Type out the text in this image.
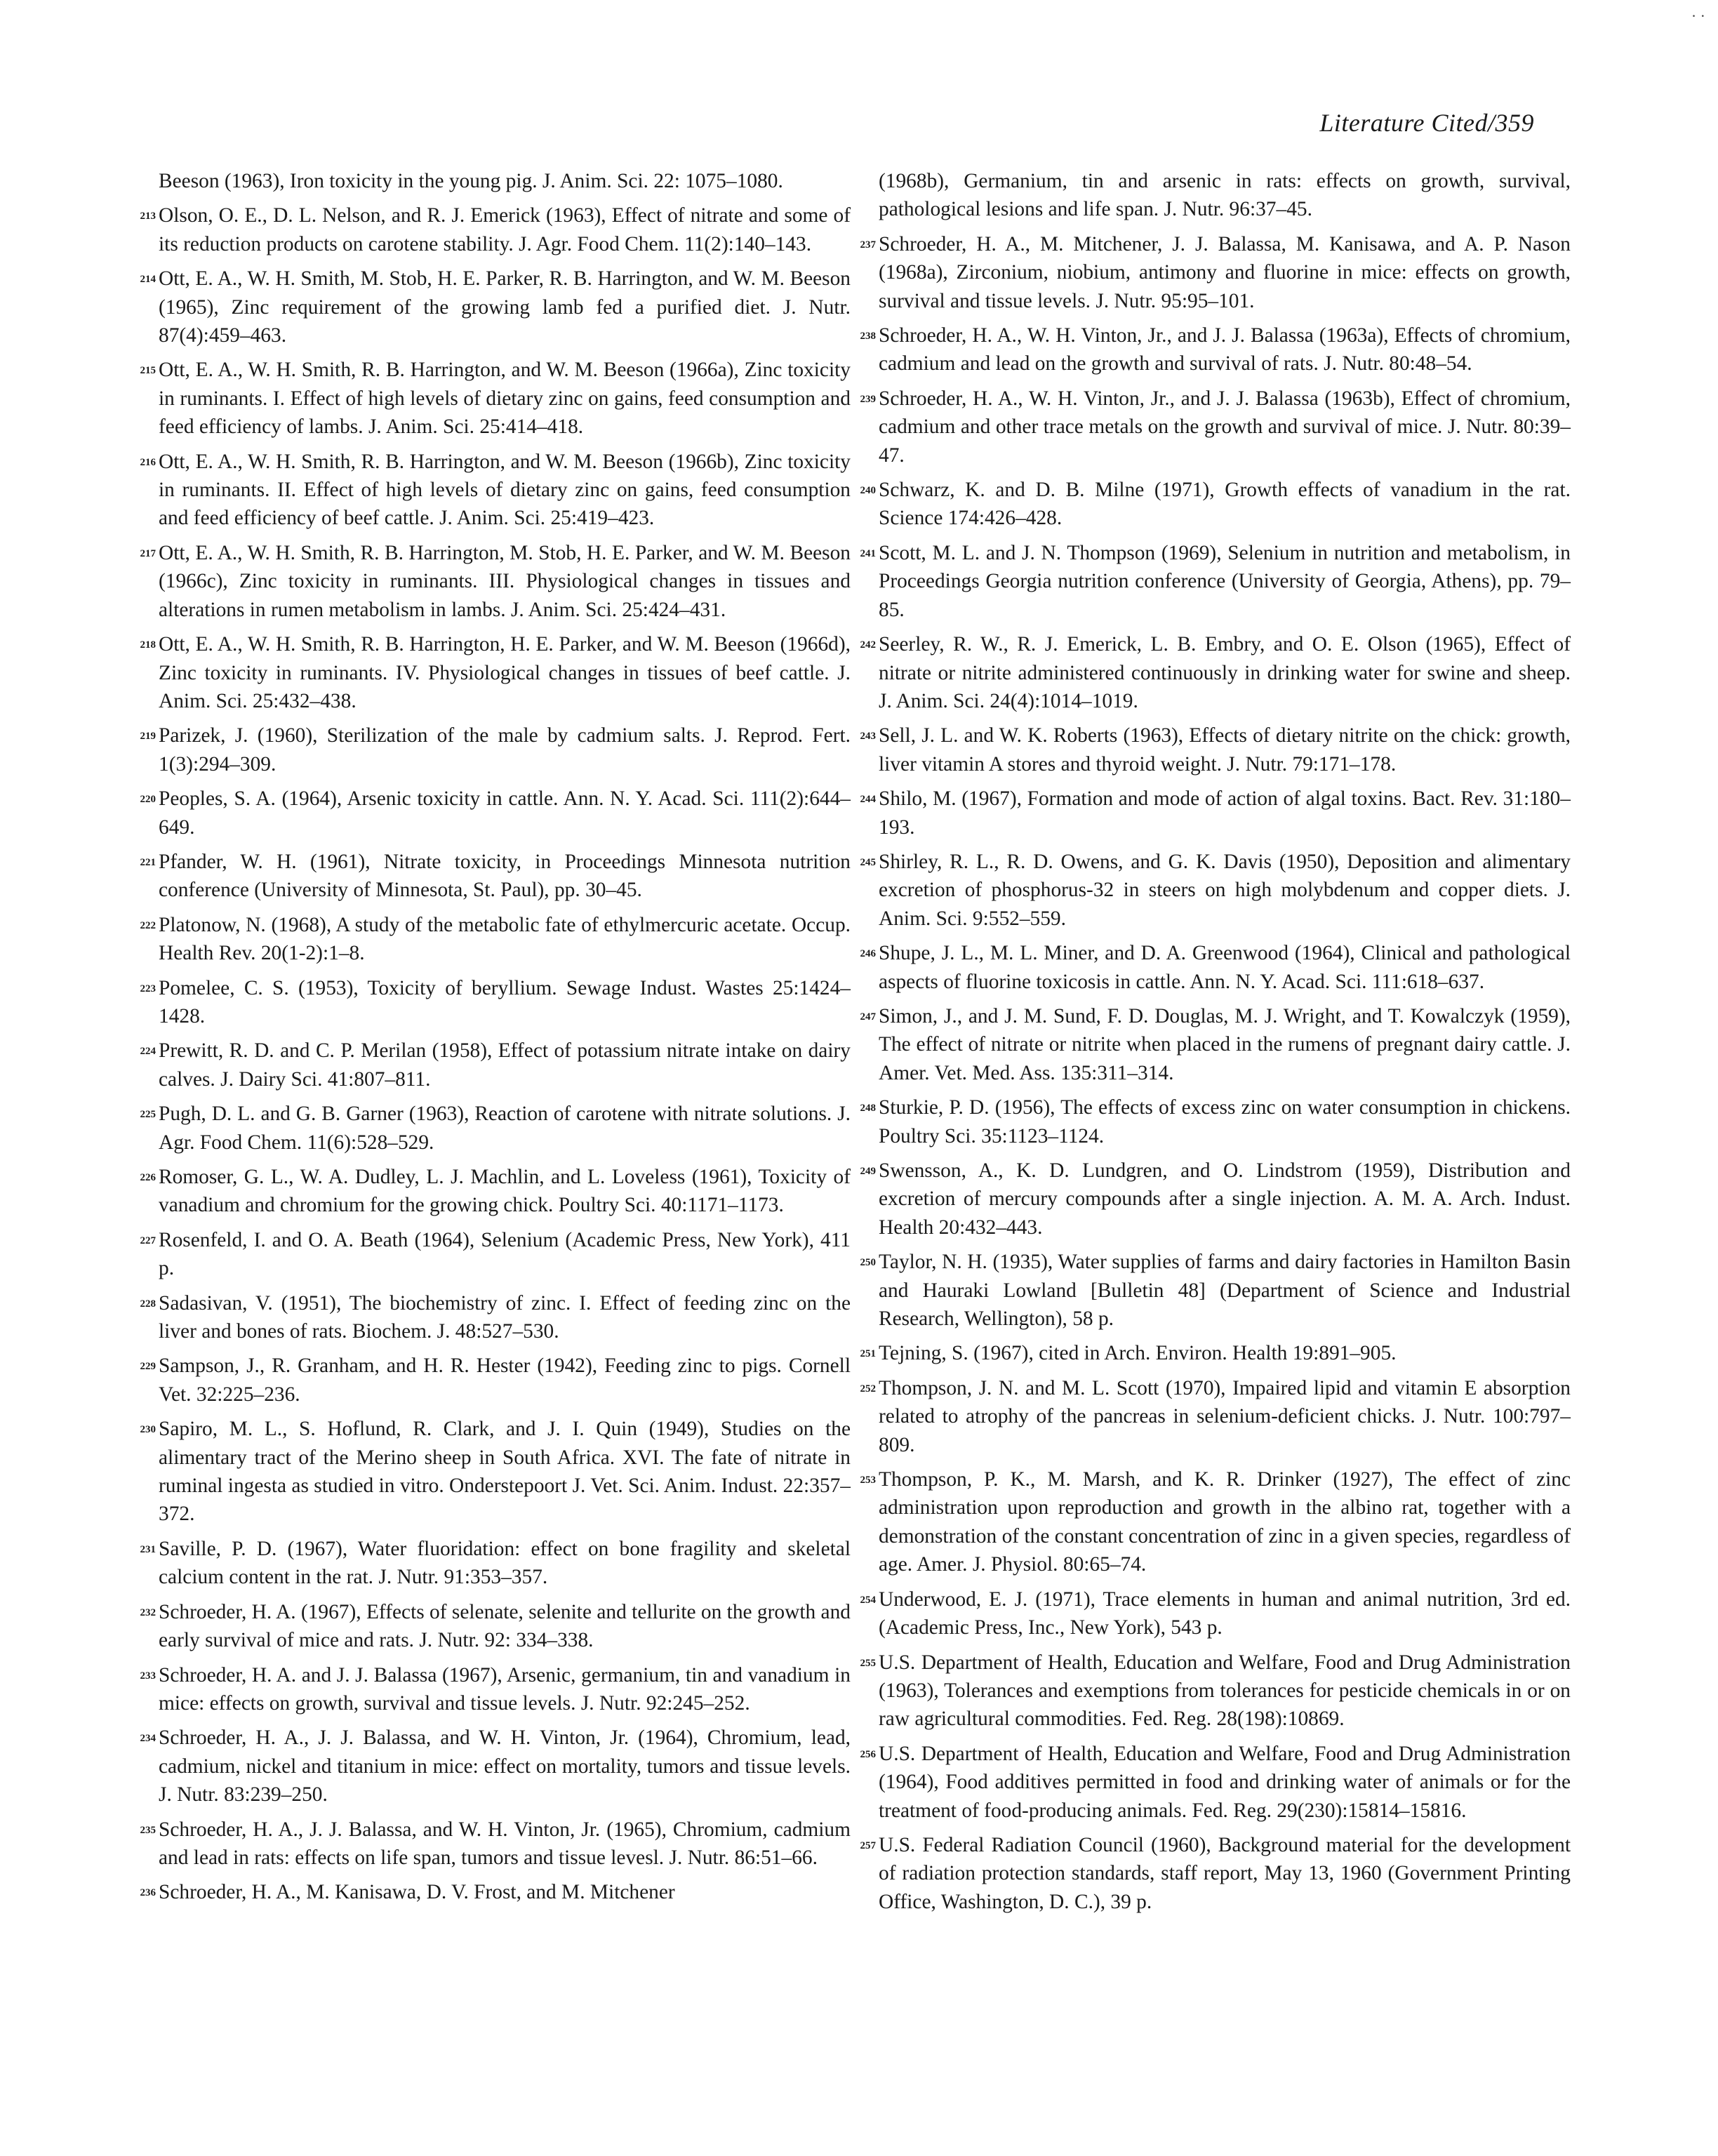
· ·
Literature Cited/359
Beeson (1963), Iron toxicity in the young pig. J. Anim. Sci. 22: 1075–1080.
213 Olson, O. E., D. L. Nelson, and R. J. Emerick (1963), Effect of nitrate and some of its reduction products on carotene stability. J. Agr. Food Chem. 11(2):140–143.
214 Ott, E. A., W. H. Smith, M. Stob, H. E. Parker, R. B. Harrington, and W. M. Beeson (1965), Zinc requirement of the growing lamb fed a purified diet. J. Nutr. 87(4):459–463.
215 Ott, E. A., W. H. Smith, R. B. Harrington, and W. M. Beeson (1966a), Zinc toxicity in ruminants. I. Effect of high levels of dietary zinc on gains, feed consumption and feed efficiency of lambs. J. Anim. Sci. 25:414–418.
216 Ott, E. A., W. H. Smith, R. B. Harrington, and W. M. Beeson (1966b), Zinc toxicity in ruminants. II. Effect of high levels of dietary zinc on gains, feed consumption and feed efficiency of beef cattle. J. Anim. Sci. 25:419–423.
217 Ott, E. A., W. H. Smith, R. B. Harrington, M. Stob, H. E. Parker, and W. M. Beeson (1966c), Zinc toxicity in ruminants. III. Physiological changes in tissues and alterations in rumen metabolism in lambs. J. Anim. Sci. 25:424–431.
218 Ott, E. A., W. H. Smith, R. B. Harrington, H. E. Parker, and W. M. Beeson (1966d), Zinc toxicity in ruminants. IV. Physiological changes in tissues of beef cattle. J. Anim. Sci. 25:432–438.
219 Parizek, J. (1960), Sterilization of the male by cadmium salts. J. Reprod. Fert. 1(3):294–309.
220 Peoples, S. A. (1964), Arsenic toxicity in cattle. Ann. N. Y. Acad. Sci. 111(2):644–649.
221 Pfander, W. H. (1961), Nitrate toxicity, in Proceedings Minnesota nutrition conference (University of Minnesota, St. Paul), pp. 30–45.
222 Platonow, N. (1968), A study of the metabolic fate of ethylmercuric acetate. Occup. Health Rev. 20(1-2):1–8.
223 Pomelee, C. S. (1953), Toxicity of beryllium. Sewage Indust. Wastes 25:1424–1428.
224 Prewitt, R. D. and C. P. Merilan (1958), Effect of potassium nitrate intake on dairy calves. J. Dairy Sci. 41:807–811.
225 Pugh, D. L. and G. B. Garner (1963), Reaction of carotene with nitrate solutions. J. Agr. Food Chem. 11(6):528–529.
226 Romoser, G. L., W. A. Dudley, L. J. Machlin, and L. Loveless (1961), Toxicity of vanadium and chromium for the growing chick. Poultry Sci. 40:1171–1173.
227 Rosenfeld, I. and O. A. Beath (1964), Selenium (Academic Press, New York), 411 p.
228 Sadasivan, V. (1951), The biochemistry of zinc. I. Effect of feeding zinc on the liver and bones of rats. Biochem. J. 48:527–530.
229 Sampson, J., R. Granham, and H. R. Hester (1942), Feeding zinc to pigs. Cornell Vet. 32:225–236.
230 Sapiro, M. L., S. Hoflund, R. Clark, and J. I. Quin (1949), Studies on the alimentary tract of the Merino sheep in South Africa. XVI. The fate of nitrate in ruminal ingesta as studied in vitro. Onderstepoort J. Vet. Sci. Anim. Indust. 22:357–372.
231 Saville, P. D. (1967), Water fluoridation: effect on bone fragility and skeletal calcium content in the rat. J. Nutr. 91:353–357.
232 Schroeder, H. A. (1967), Effects of selenate, selenite and tellurite on the growth and early survival of mice and rats. J. Nutr. 92: 334–338.
233 Schroeder, H. A. and J. J. Balassa (1967), Arsenic, germanium, tin and vanadium in mice: effects on growth, survival and tissue levels. J. Nutr. 92:245–252.
234 Schroeder, H. A., J. J. Balassa, and W. H. Vinton, Jr. (1964), Chromium, lead, cadmium, nickel and titanium in mice: effect on mortality, tumors and tissue levels. J. Nutr. 83:239–250.
235 Schroeder, H. A., J. J. Balassa, and W. H. Vinton, Jr. (1965), Chromium, cadmium and lead in rats: effects on life span, tumors and tissue levesl. J. Nutr. 86:51–66.
236 Schroeder, H. A., M. Kanisawa, D. V. Frost, and M. Mitchener
(1968b), Germanium, tin and arsenic in rats: effects on growth, survival, pathological lesions and life span. J. Nutr. 96:37–45.
237 Schroeder, H. A., M. Mitchener, J. J. Balassa, M. Kanisawa, and A. P. Nason (1968a), Zirconium, niobium, antimony and fluorine in mice: effects on growth, survival and tissue levels. J. Nutr. 95:95–101.
238 Schroeder, H. A., W. H. Vinton, Jr., and J. J. Balassa (1963a), Effects of chromium, cadmium and lead on the growth and survival of rats. J. Nutr. 80:48–54.
239 Schroeder, H. A., W. H. Vinton, Jr., and J. J. Balassa (1963b), Effect of chromium, cadmium and other trace metals on the growth and survival of mice. J. Nutr. 80:39–47.
240 Schwarz, K. and D. B. Milne (1971), Growth effects of vanadium in the rat. Science 174:426–428.
241 Scott, M. L. and J. N. Thompson (1969), Selenium in nutrition and metabolism, in Proceedings Georgia nutrition conference (University of Georgia, Athens), pp. 79–85.
242 Seerley, R. W., R. J. Emerick, L. B. Embry, and O. E. Olson (1965), Effect of nitrate or nitrite administered continuously in drinking water for swine and sheep. J. Anim. Sci. 24(4):1014–1019.
243 Sell, J. L. and W. K. Roberts (1963), Effects of dietary nitrite on the chick: growth, liver vitamin A stores and thyroid weight. J. Nutr. 79:171–178.
244 Shilo, M. (1967), Formation and mode of action of algal toxins. Bact. Rev. 31:180–193.
245 Shirley, R. L., R. D. Owens, and G. K. Davis (1950), Deposition and alimentary excretion of phosphorus-32 in steers on high molybdenum and copper diets. J. Anim. Sci. 9:552–559.
246 Shupe, J. L., M. L. Miner, and D. A. Greenwood (1964), Clinical and pathological aspects of fluorine toxicosis in cattle. Ann. N. Y. Acad. Sci. 111:618–637.
247 Simon, J., and J. M. Sund, F. D. Douglas, M. J. Wright, and T. Kowalczyk (1959), The effect of nitrate or nitrite when placed in the rumens of pregnant dairy cattle. J. Amer. Vet. Med. Ass. 135:311–314.
248 Sturkie, P. D. (1956), The effects of excess zinc on water consumption in chickens. Poultry Sci. 35:1123–1124.
249 Swensson, A., K. D. Lundgren, and O. Lindstrom (1959), Distribution and excretion of mercury compounds after a single injection. A. M. A. Arch. Indust. Health 20:432–443.
250 Taylor, N. H. (1935), Water supplies of farms and dairy factories in Hamilton Basin and Hauraki Lowland [Bulletin 48] (Department of Science and Industrial Research, Wellington), 58 p.
251 Tejning, S. (1967), cited in Arch. Environ. Health 19:891–905.
252 Thompson, J. N. and M. L. Scott (1970), Impaired lipid and vitamin E absorption related to atrophy of the pancreas in selenium-deficient chicks. J. Nutr. 100:797–809.
253 Thompson, P. K., M. Marsh, and K. R. Drinker (1927), The effect of zinc administration upon reproduction and growth in the albino rat, together with a demonstration of the constant concentration of zinc in a given species, regardless of age. Amer. J. Physiol. 80:65–74.
254 Underwood, E. J. (1971), Trace elements in human and animal nutrition, 3rd ed. (Academic Press, Inc., New York), 543 p.
255 U.S. Department of Health, Education and Welfare, Food and Drug Administration (1963), Tolerances and exemptions from tolerances for pesticide chemicals in or on raw agricultural commodities. Fed. Reg. 28(198):10869.
256 U.S. Department of Health, Education and Welfare, Food and Drug Administration (1964), Food additives permitted in food and drinking water of animals or for the treatment of food-producing animals. Fed. Reg. 29(230):15814–15816.
257 U.S. Federal Radiation Council (1960), Background material for the development of radiation protection standards, staff report, May 13, 1960 (Government Printing Office, Washington, D. C.), 39 p.
